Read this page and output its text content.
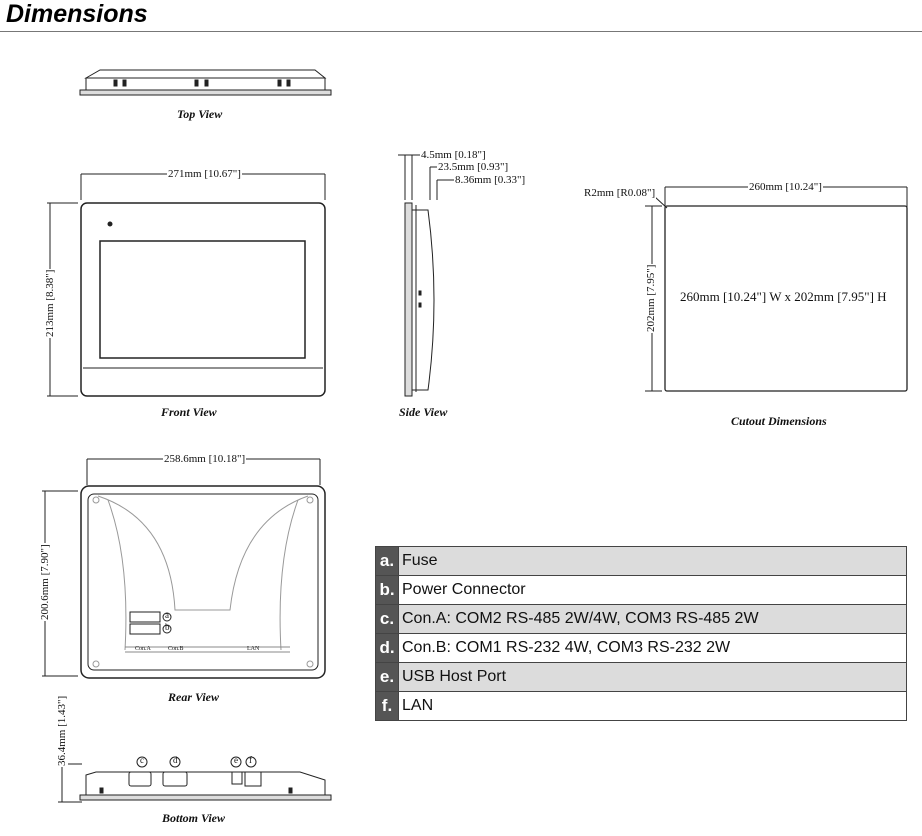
Dimensions
Top View
Front View	Side View
Cutout Dimensions
Rear View
Bottom View
271mm [10.67"]
213mm [8.38"]
4.5mm [0.18"]
23.5mm [0.93"]
8.36mm [0.33"]
R2mm [R0.08"]	260mm [10.24"]
202mm [7.95"] 260mm [10.24"] W x 202mm [7.95"] H
258.6mm [10.18"]
200.6mm [7.90"]	a
b
Con.A	Con.B	LAN
36.4mm [1.43"]	c	d	e f
a.	Fuse
b.	Power Connector
c.	Con.A: COM2 RS-485 2W/4W, COM3 RS-485 2W
d.	Con.B: COM1 RS-232 4W, COM3 RS-232 2W
e.	USB Host Port
f.	LAN
